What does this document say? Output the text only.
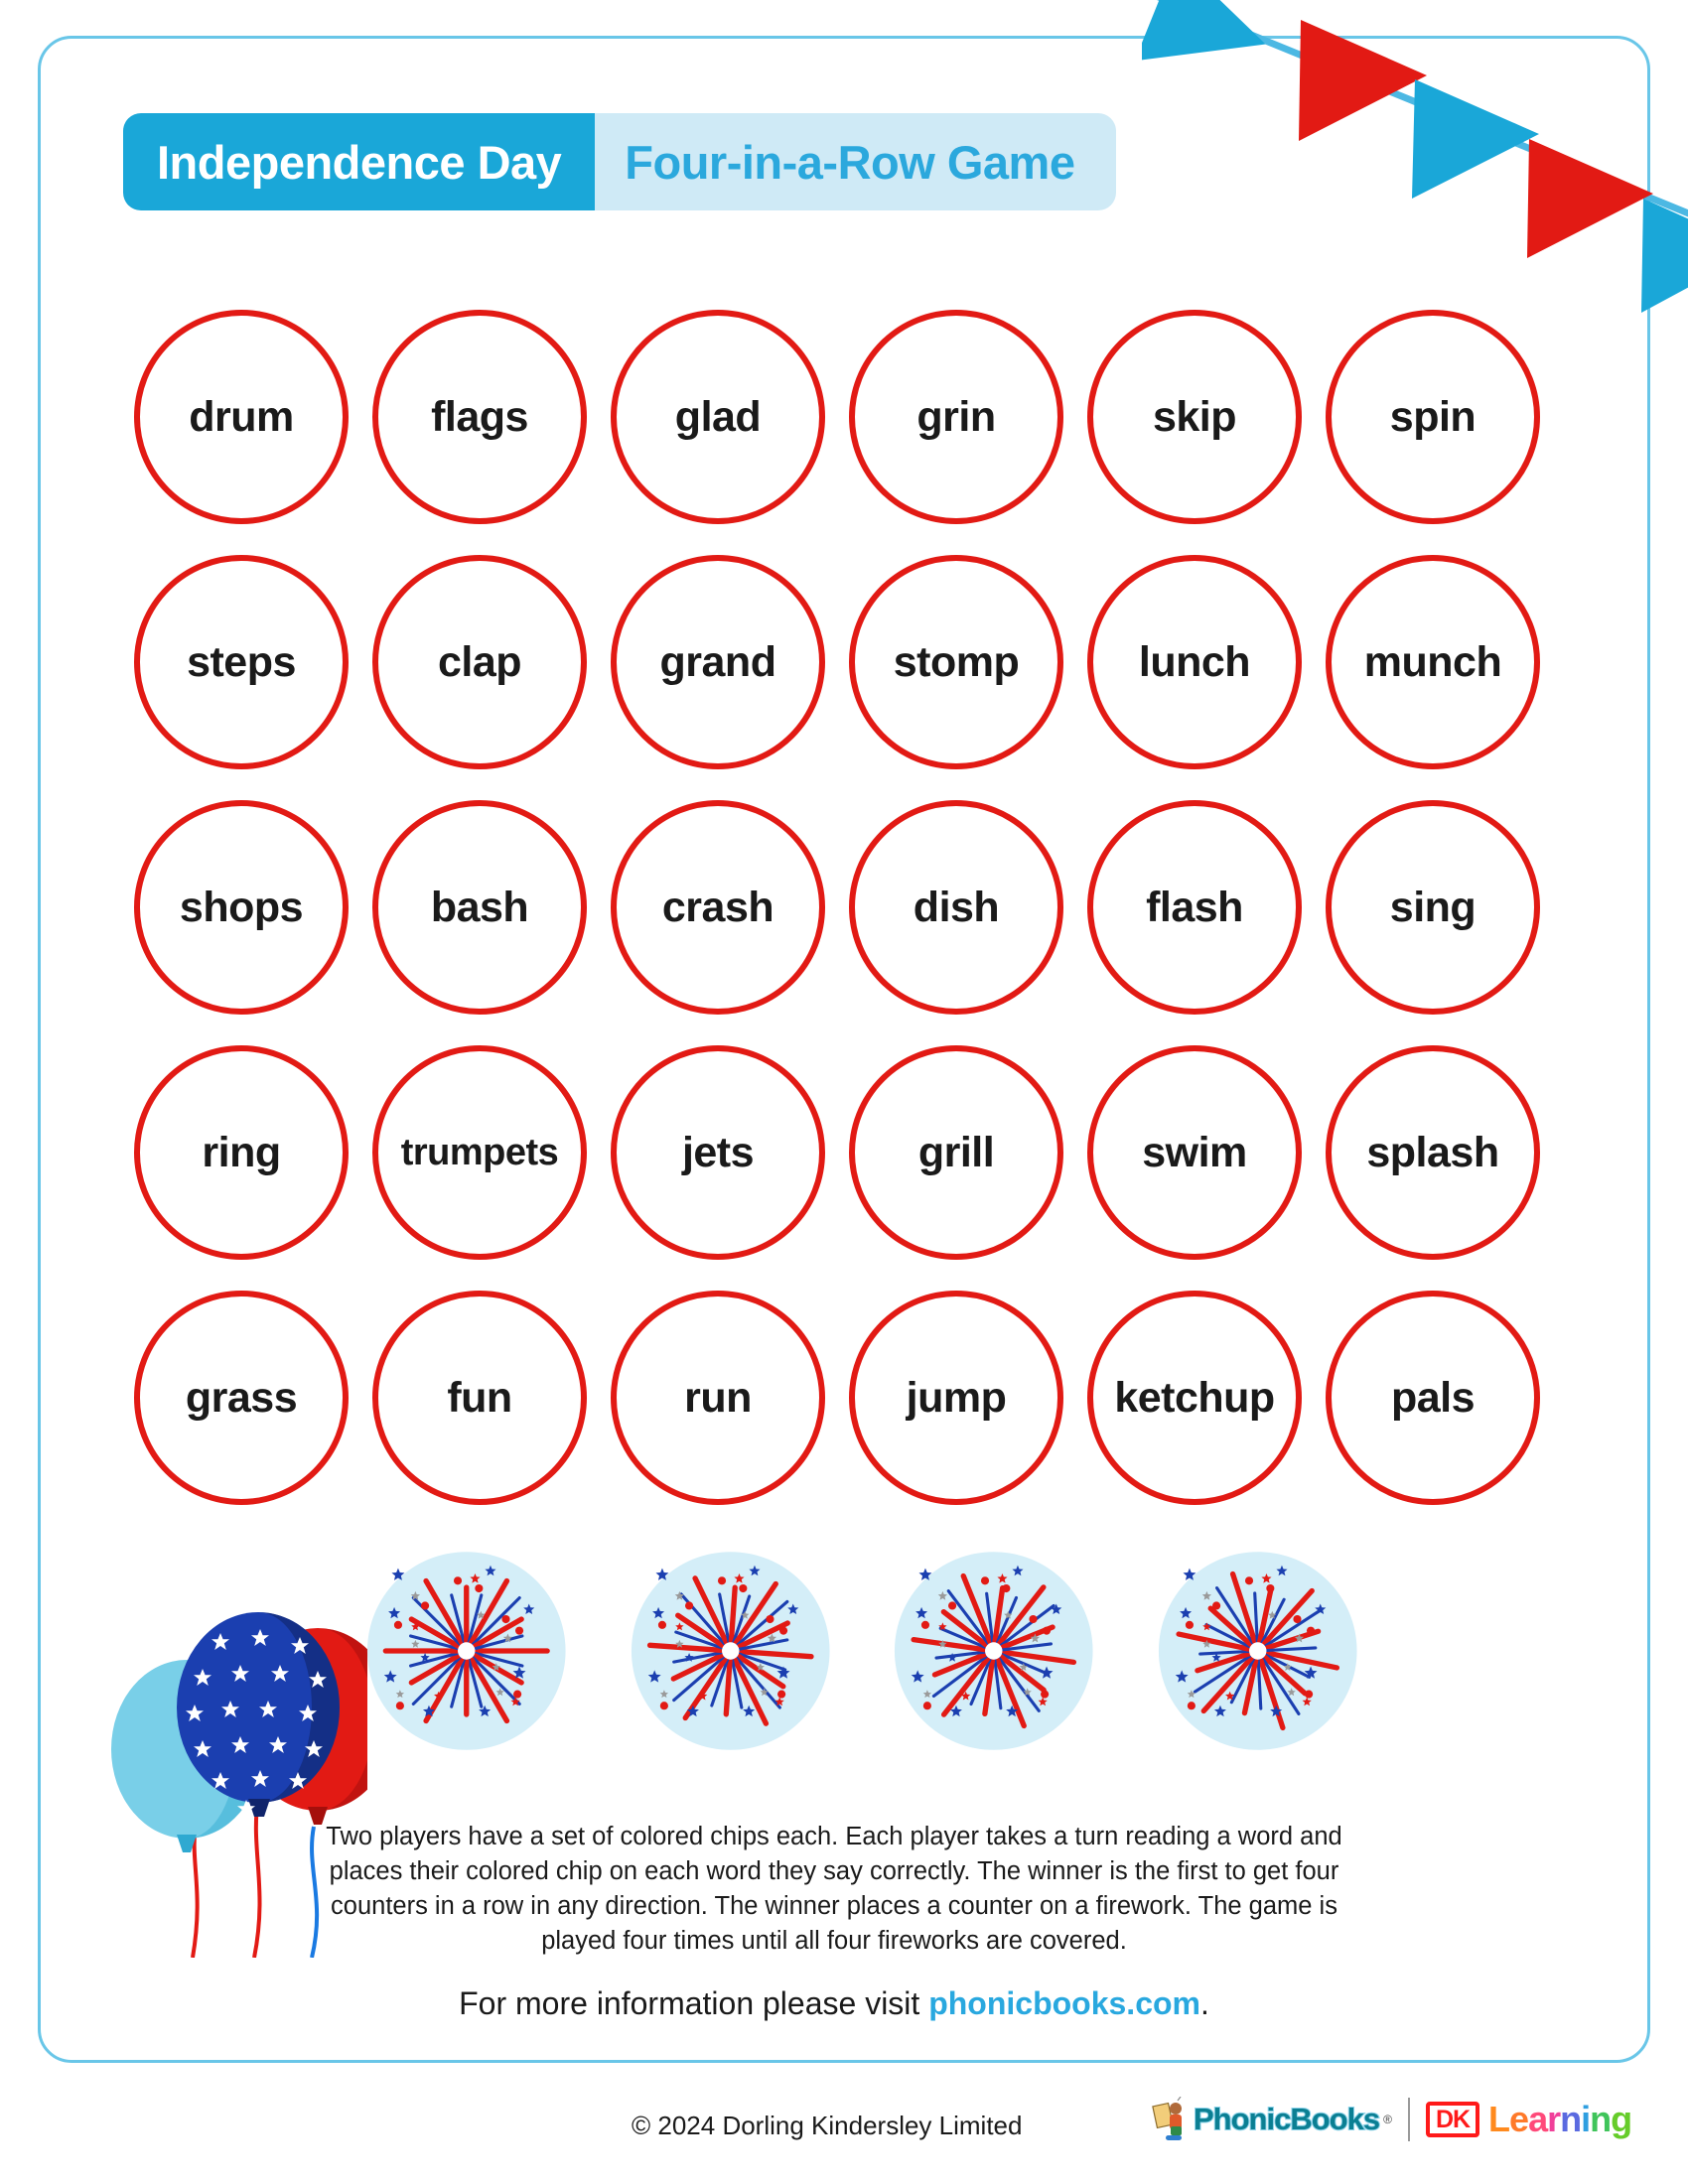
Independence Day Four-in-a-Row Game
drum	flags	glad	grin	skip	spin
steps	clap	grand	stomp	lunch	munch
shops	bash	crash	dish	flash	sing
ring	trumpets	jets	grill	swim	splash
grass	fun	run	jump	ketchup	pals
Two players have a set of colored chips each. Each player takes a turn reading a word and places their colored chip on each word they say correctly. The winner is the first to get four counters in a row in any direction. The winner places a counter on a firework. The game is played four times until all four fireworks are covered.
For more information please visit phonicbooks.com.
© 2024 Dorling Kindersley Limited	PhonicBooks ®	DK Learning
